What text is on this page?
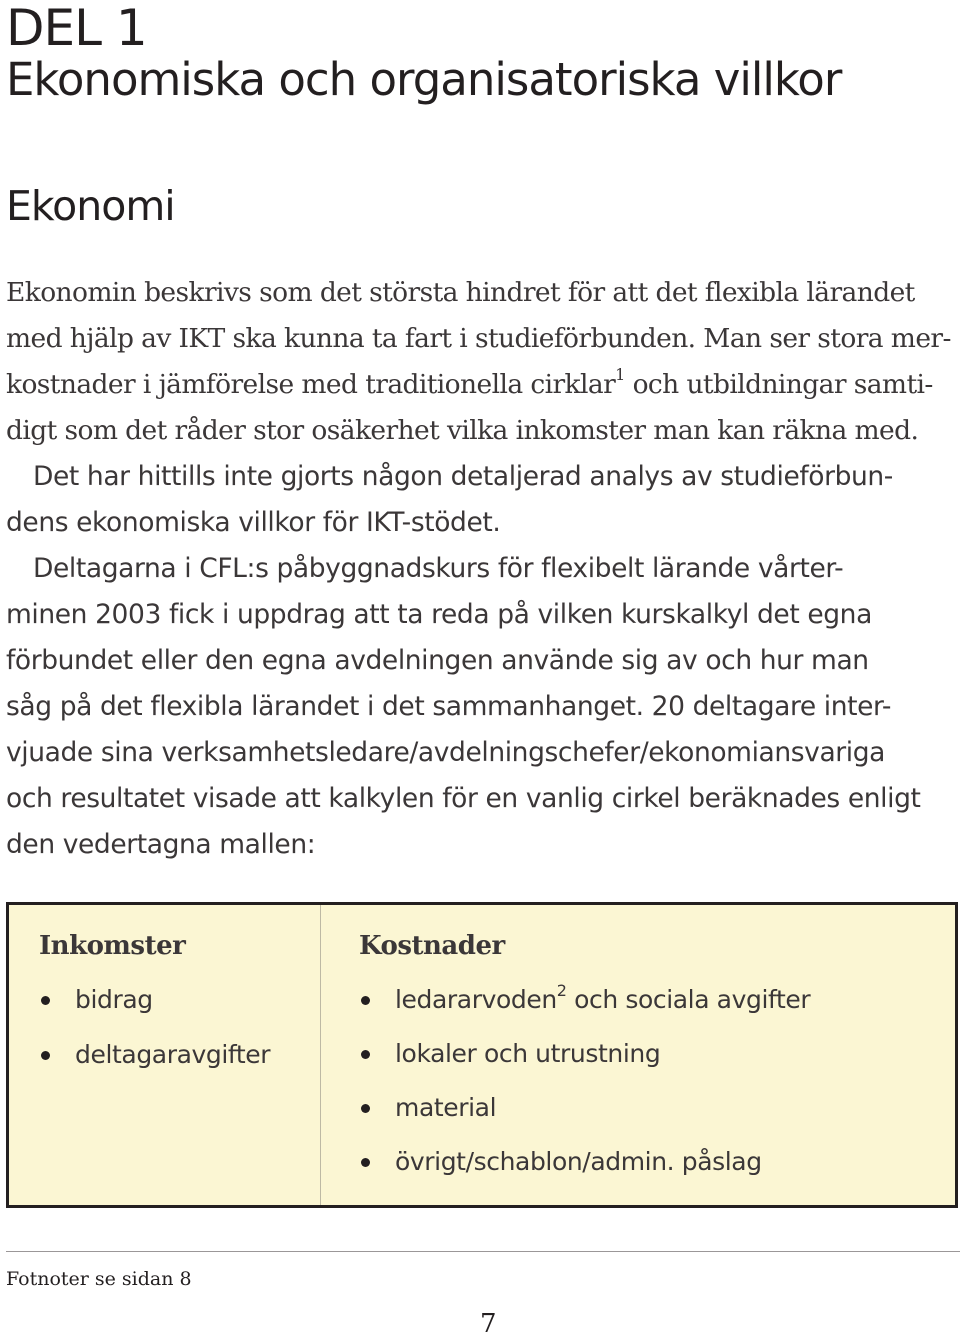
DEL 1
Ekonomiska och organisatoriska villkor
Ekonomi

Ekonomin beskrivs som det största hindret för att det flexibla lärandet
med hjälp av IKT ska kunna ta fart i studieförbunden. Man ser stora mer-
kostnader i jämförelse med traditionella cirklar$^1$ och utbildningar samti-
digt som det råder stor osäkerhet vilka inkomster man kan räkna med.

Det har hittills inte gjorts någon detaljerad analys av studieförbun-
dens ekonomiska villkor för IKT-stödet.

Deltagarna i CFL:s påbyggnadskurs för flexibelt lärande vårter-
minen 2003 fick i uppdrag att ta reda på vilken kurskalkyl det egna
förbundet eller den egna avdelningen använde sig av och hur man
såg på det flexibla lärandet i det sammanhanget. 20 deltagare inter-
vjuade sina verksamhetsledare/avdelningschefer/ekonomiansvariga
och resultatet visade att kalkylen för en vanlig cirkel beräknades enligt
den vedertagna mallen:

Inkomster
bidrag
deltagaravgifter
Kostnader
ledararvoden$^2$ och sociala avgifter
lokaler och utrustning
material
övrigt/schablon/admin. påslag

Fotnoter se sidan 8

7
